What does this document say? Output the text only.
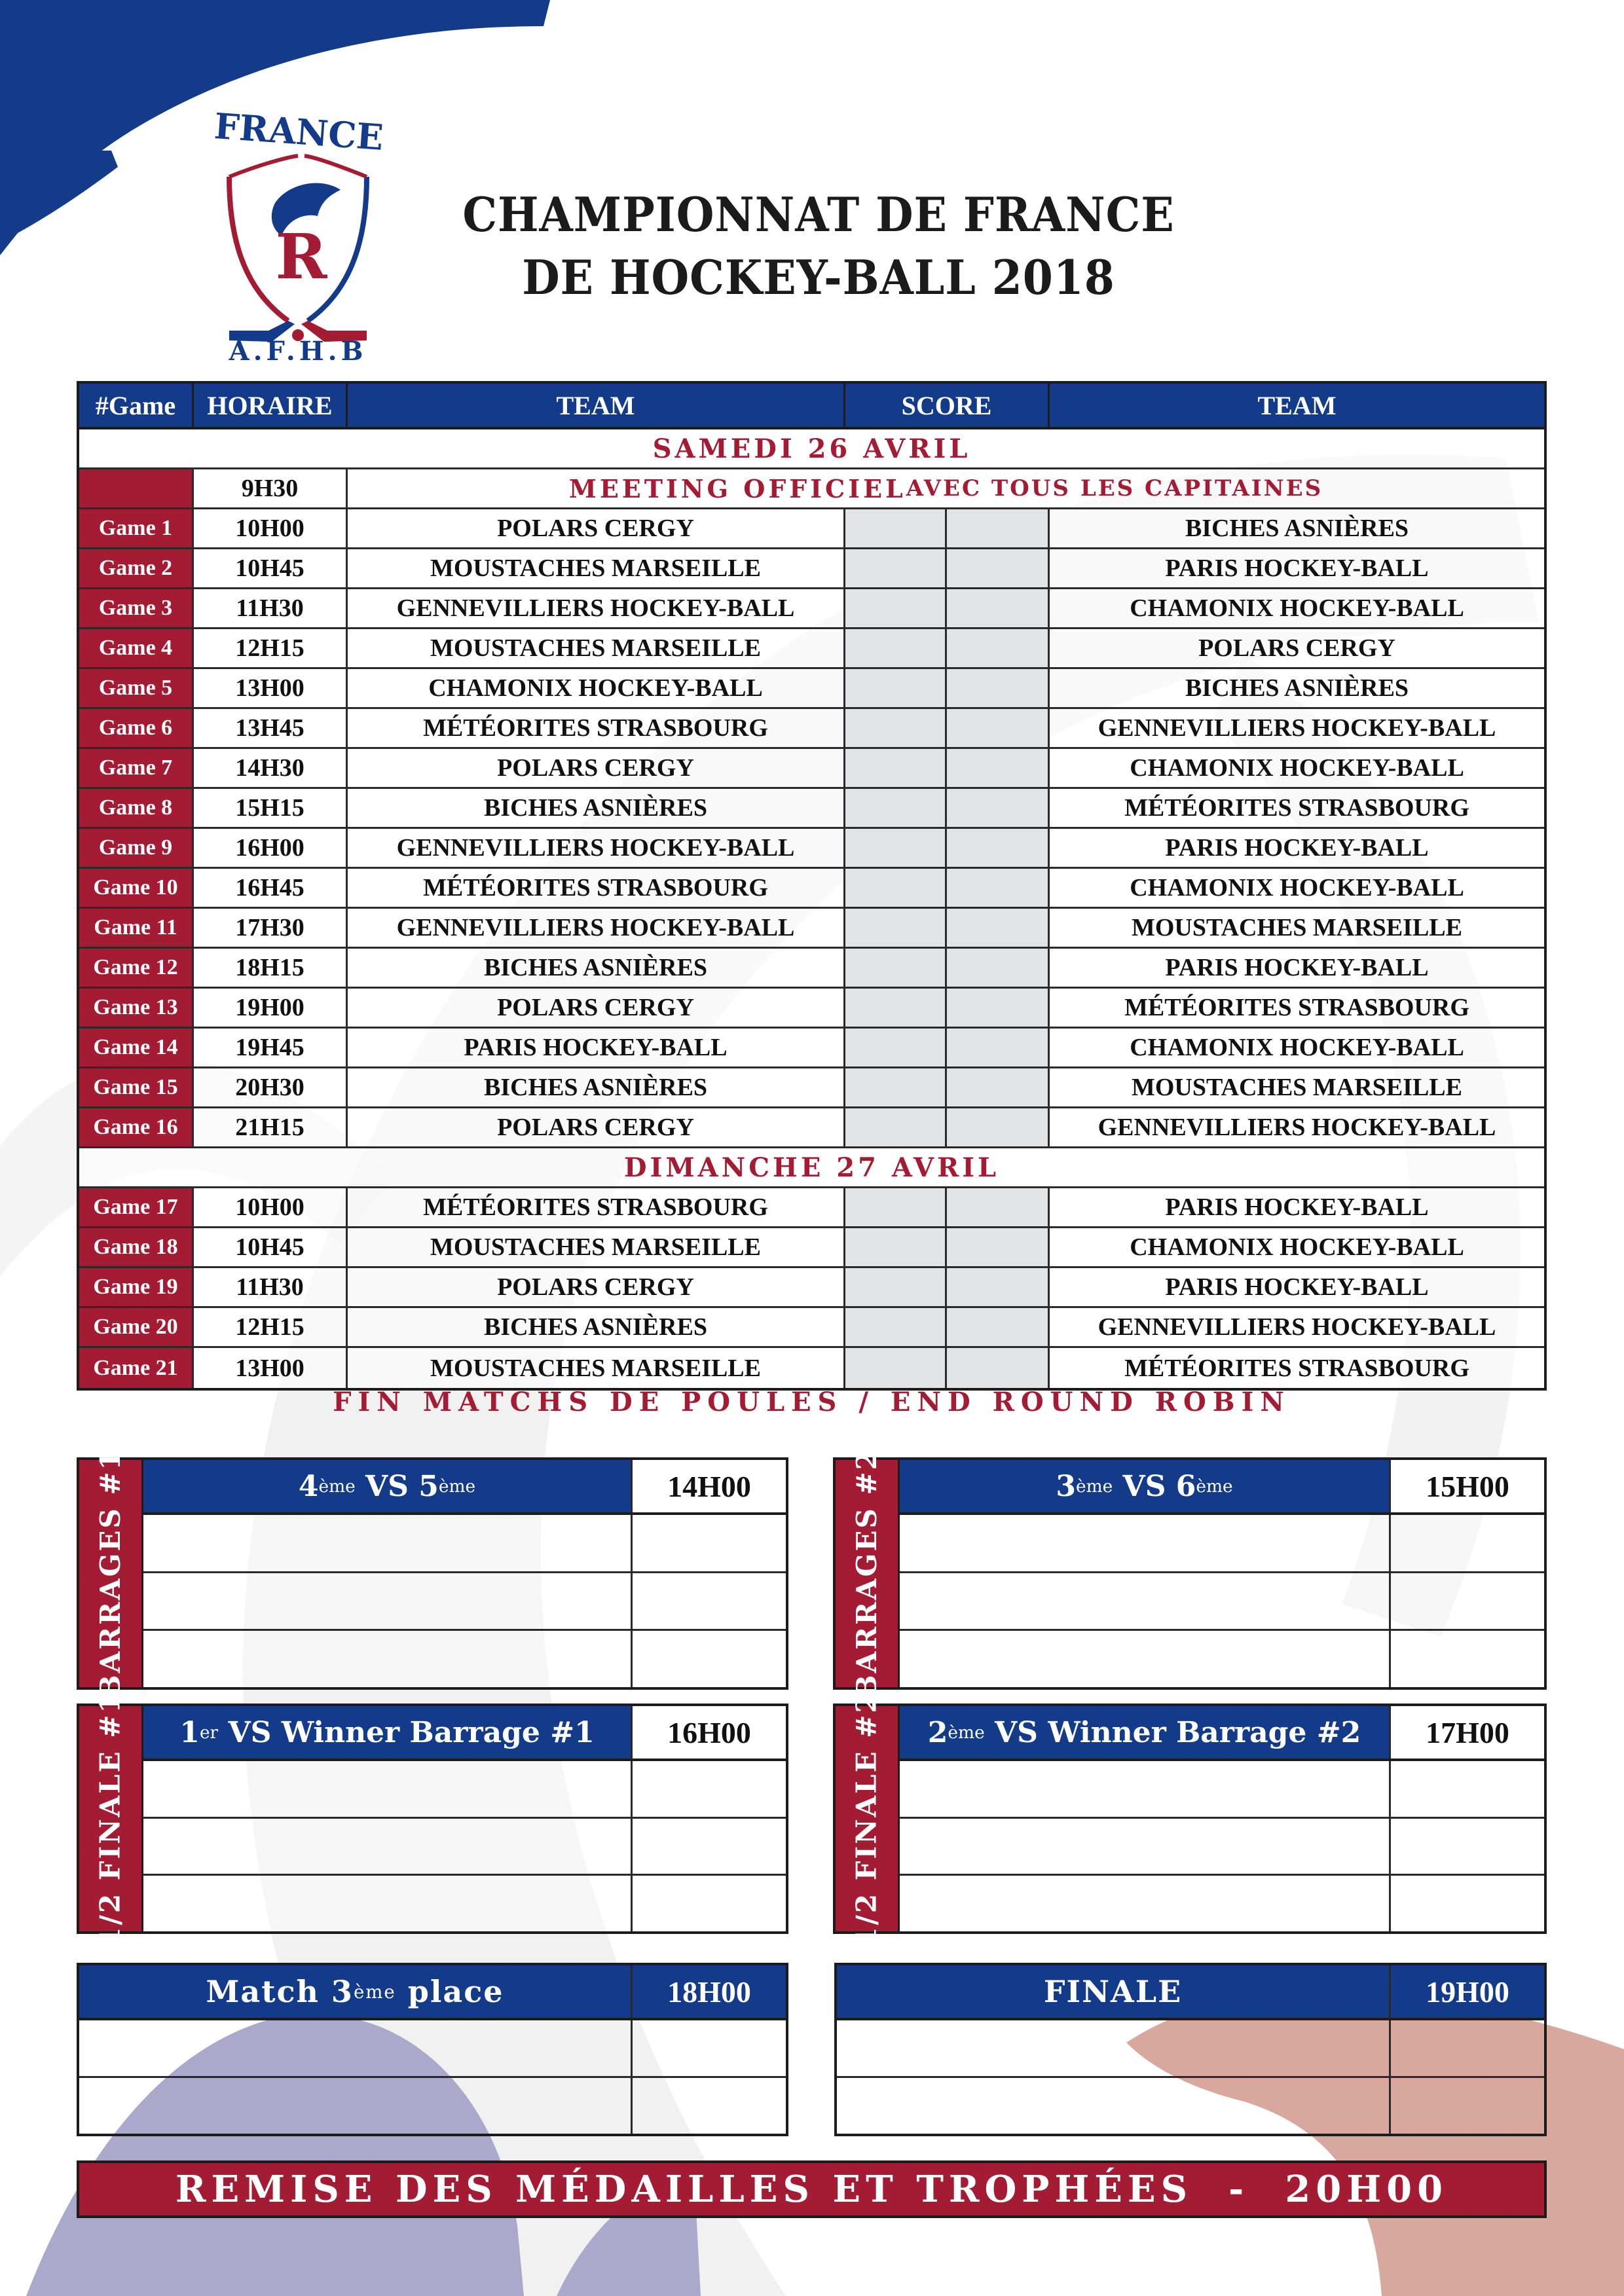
FRANCE
R
A.F.H.B
CHAMPIONNAT DE FRANCE
DE HOCKEY-BALL 2018
#Game	HORAIRE	TEAM	SCORE	TEAM
SAMEDI 26 AVRIL
9H30	MEETING OFFICIEL AVEC TOUS LES CAPITAINES
Game 1	10H00	POLARS CERGY	BICHES ASNIÈRES
Game 2	10H45	MOUSTACHES MARSEILLE	PARIS HOCKEY-BALL
Game 3	11H30	GENNEVILLIERS HOCKEY-BALL	CHAMONIX HOCKEY-BALL
Game 4	12H15	MOUSTACHES MARSEILLE	POLARS CERGY
Game 5	13H00	CHAMONIX HOCKEY-BALL	BICHES ASNIÈRES
Game 6	13H45	MÉTÉORITES STRASBOURG	GENNEVILLIERS HOCKEY-BALL
Game 7	14H30	POLARS CERGY	CHAMONIX HOCKEY-BALL
Game 8	15H15	BICHES ASNIÈRES	MÉTÉORITES STRASBOURG
Game 9	16H00	GENNEVILLIERS HOCKEY-BALL	PARIS HOCKEY-BALL
Game 10	16H45	MÉTÉORITES STRASBOURG	CHAMONIX HOCKEY-BALL
Game 11	17H30	GENNEVILLIERS HOCKEY-BALL	MOUSTACHES MARSEILLE
Game 12	18H15	BICHES ASNIÈRES	PARIS HOCKEY-BALL
Game 13	19H00	POLARS CERGY	MÉTÉORITES STRASBOURG
Game 14	19H45	PARIS HOCKEY-BALL	CHAMONIX HOCKEY-BALL
Game 15	20H30	BICHES ASNIÈRES	MOUSTACHES MARSEILLE
Game 16	21H15	POLARS CERGY	GENNEVILLIERS HOCKEY-BALL
DIMANCHE 27 AVRIL
Game 17	10H00	MÉTÉORITES STRASBOURG	PARIS HOCKEY-BALL
Game 18	10H45	MOUSTACHES MARSEILLE	CHAMONIX HOCKEY-BALL
Game 19	11H30	POLARS CERGY	PARIS HOCKEY-BALL
Game 20	12H15	BICHES ASNIÈRES	GENNEVILLIERS HOCKEY-BALL
Game 21	13H00	MOUSTACHES MARSEILLE	MÉTÉORITES STRASBOURG
FIN MATCHS DE POULES / END ROUND ROBIN
BARRAGES #1	4 ème VS 5 ème	14H00	BARRAGES #2	3 ème VS 6 ème	15H00
1/2 FINALE #1 1 er VS Winner Barrage #1	16H00	1/2 FINALE #2 2 ème VS Winner Barrage #2	17H00
Match 3 ème place	18H00	FINALE	19H00
REMISE DES MÉDAILLES ET TROPHÉES  -  20H00
